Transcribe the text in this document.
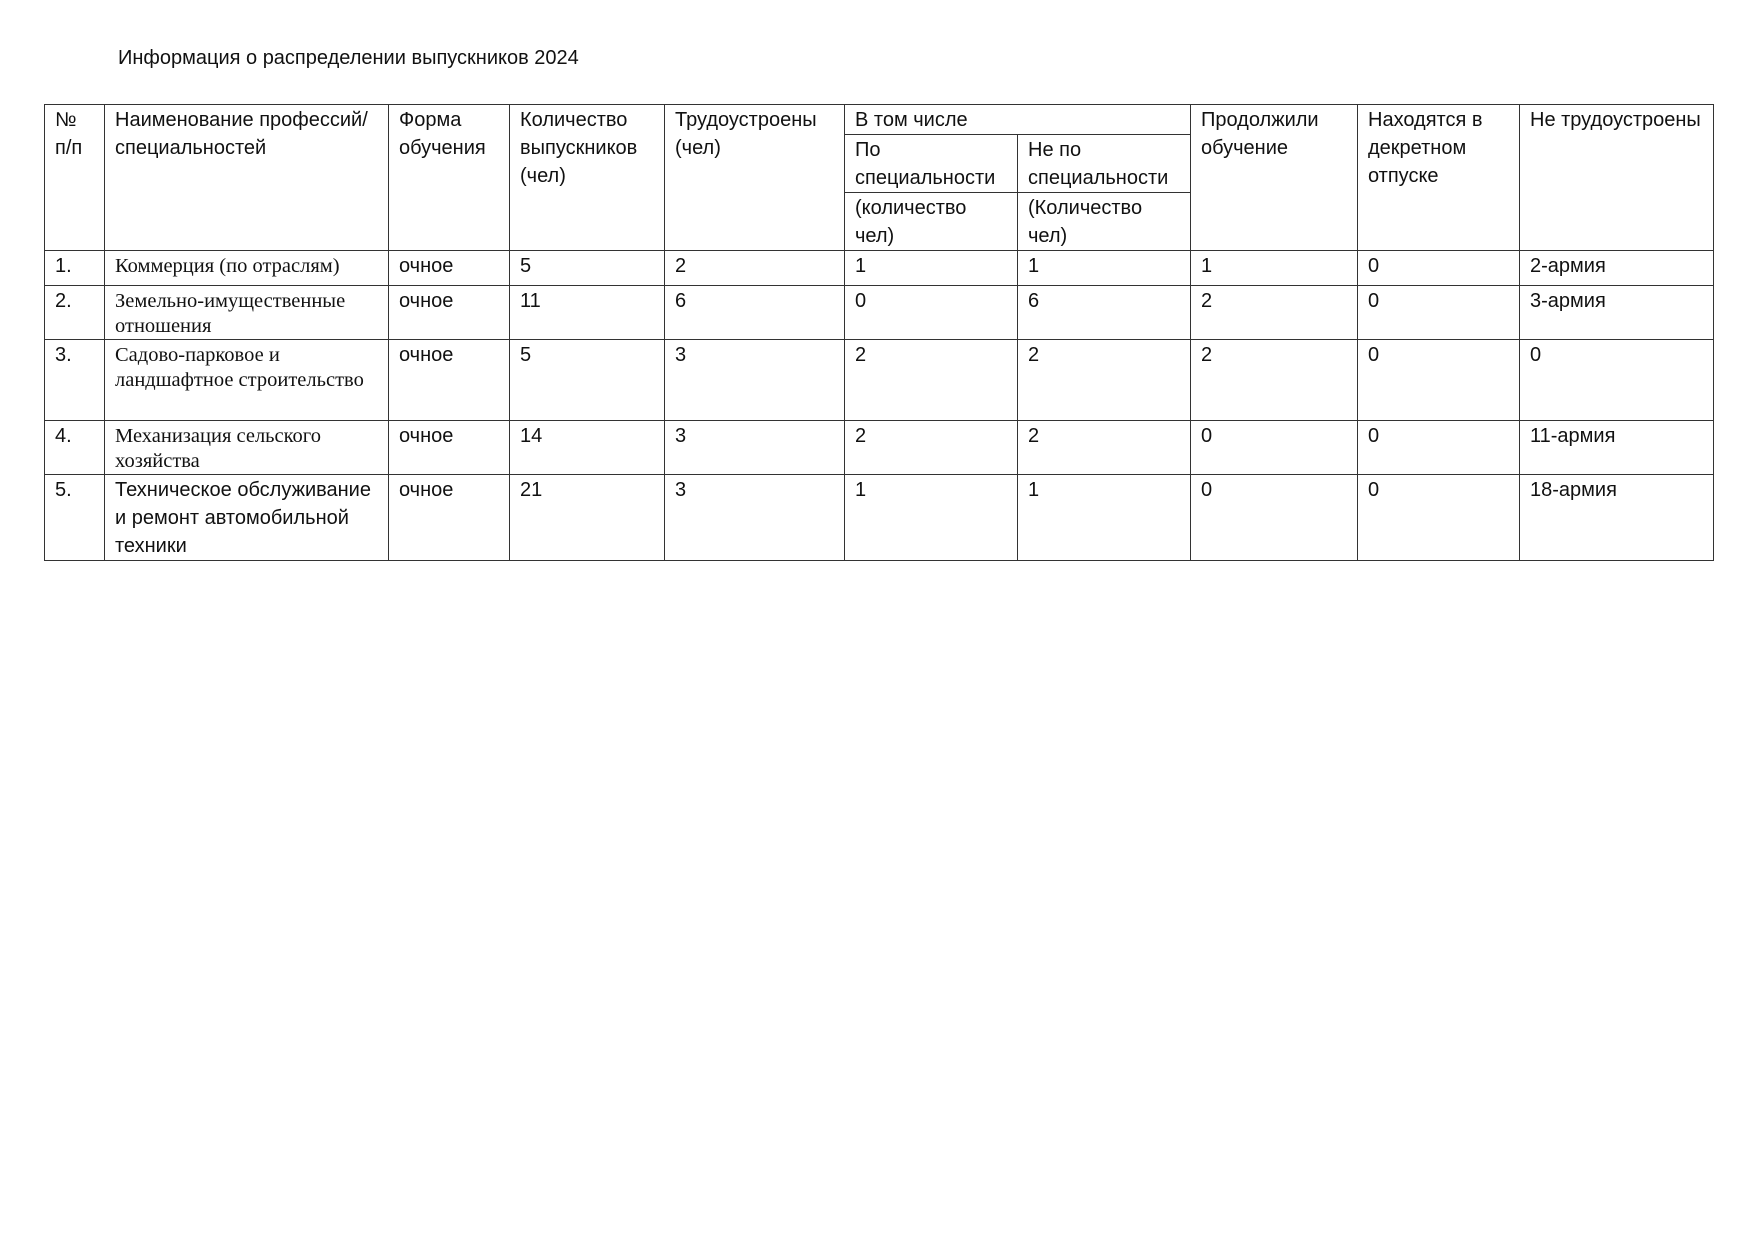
Информация о распределении выпускников 2024
№ п/п	Наименование профессий/специальностей	Форма обучения	Количество выпускников (чел)	Трудоустроены (чел)	В том числе		Продолжили обучение	Находятся в декретном отпуске	Не трудоустроены
					По специальности	Не по специальности			
					(количество чел)	(Количество чел)			
1.	Коммерция (по отраслям)	очное	5	2	1	1	1	0	2-армия
2.	Земельно-имущественные отношения	очное	11	6	0	6	2	0	3-армия
3.	Садово-парковое и ландшафтное строительство	очное	5	3	2	2	2	0	0
4.	Механизация сельского хозяйства	очное	14	3	2	2	0	0	11-армия
5.	Техническое обслуживание и ремонт автомобильной техники	очное	21	3	1	1	0	0	18-армия
